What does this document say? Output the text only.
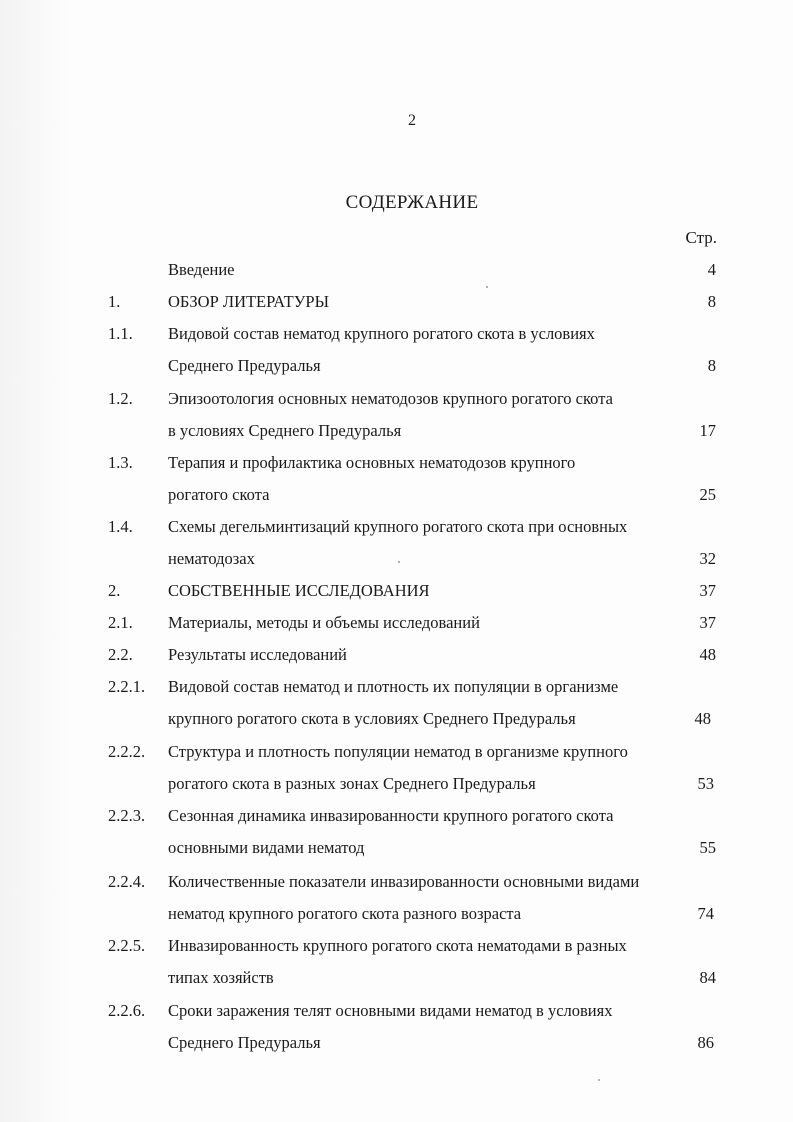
2
СОДЕРЖАНИЕ
Стр.
Введение	4
1.	ОБЗОР ЛИТЕРАТУРЫ	8
1.1. Видовой состав нематод крупного рогатого скота в условиях
Среднего Предуралья	8
1.2. Эпизоотология основных нематодозов крупного рогатого скота
в условиях Среднего Предуралья	17
1.3. Терапия и профилактика основных нематодозов крупного
рогатого скота	25
1.4. Схемы дегельминтизаций крупного рогатого скота при основных
нематодозах	32
2.	СОБСТВЕННЫЕ ИССЛЕДОВАНИЯ	37
2.1. Материалы, методы и объемы исследований	37
2.2. Результаты исследований	48
2.2.1. Видовой состав нематод и плотность их популяции в организме
крупного рогатого скота в условиях Среднего Предуралья	48
2.2.2. Структура и плотность популяции нематод в организме крупного
рогатого скота в разных зонах Среднего Предуралья	53
2.2.3. Сезонная динамика инвазированности крупного рогатого скота
основными видами нематод	55
2.2.4. Количественные показатели инвазированности основными видами
нематод крупного рогатого скота разного возраста	74
2.2.5. Инвазированность крупного рогатого скота нематодами в разных
типах хозяйств	84
2.2.6. Сроки заражения телят основными видами нематод в условиях
Среднего Предуралья	86
